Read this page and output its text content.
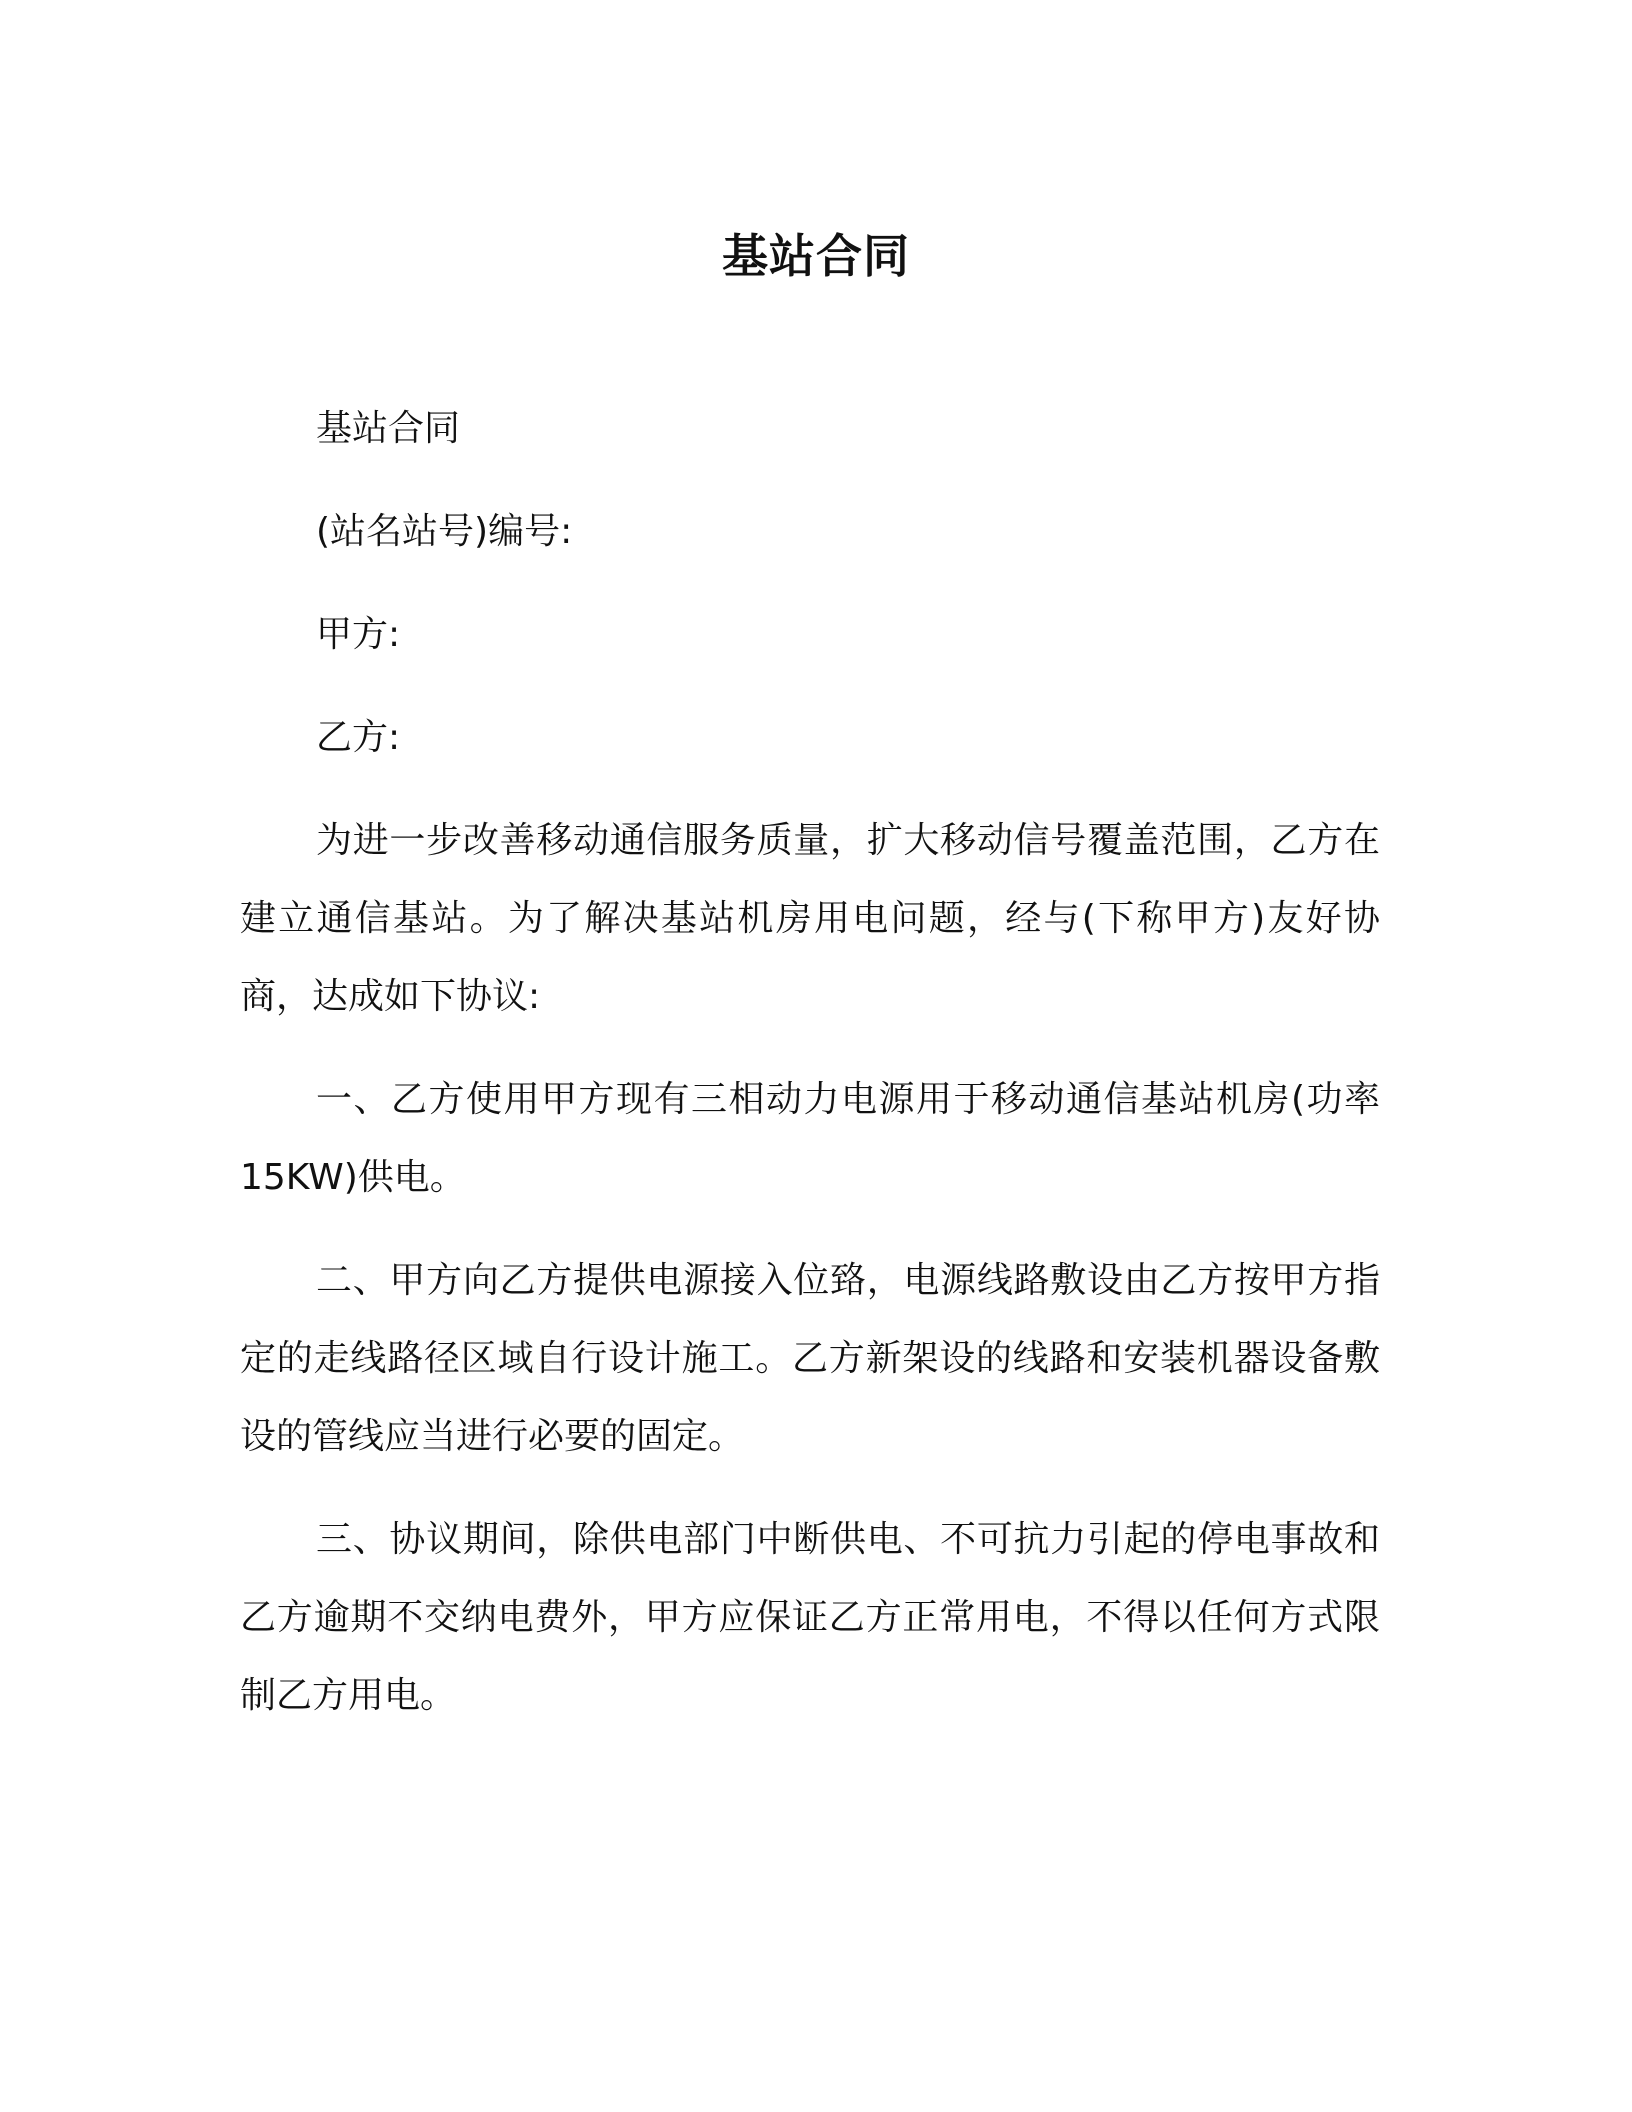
基站合同

基站合同

(站名站号)编号:

甲方:

乙方:

为进一步改善移动通信服务质量，扩大移动信号覆盖范围，乙方在建立通信基站。为了解决基站机房用电问题，经与(下称甲方)友好协商，达成如下协议:

一、乙方使用甲方现有三相动力电源用于移动通信基站机房(功率15KW)供电。

二、甲方向乙方提供电源接入位臵，电源线路敷设由乙方按甲方指定的走线路径区域自行设计施工。乙方新架设的线路和安装机器设备敷设的管线应当进行必要的固定。

三、协议期间，除供电部门中断供电、不可抗力引起的停电事故和乙方逾期不交纳电费外，甲方应保证乙方正常用电，不得以任何方式限制乙方用电。
